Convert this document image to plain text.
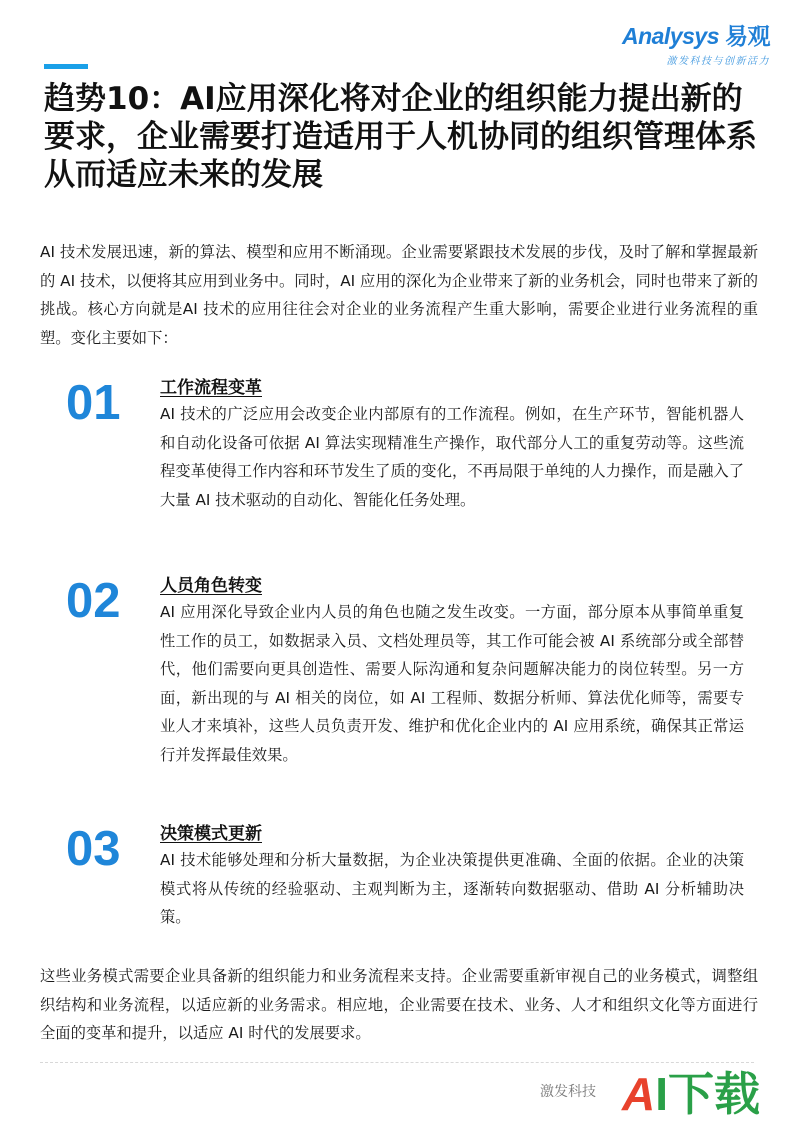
Analysys 易观
激发科技与创新活力
趋势10：AI应用深化将对企业的组织能力提出新的要求，企业需要打造适用于人机协同的组织管理体系从而适应未来的发展

AI 技术发展迅速，新的算法、模型和应用不断涌现。企业需要紧跟技术发展的步伐，及时了解和掌握最新的 AI 技术，以便将其应用到业务中。同时，AI 应用的深化为企业带来了新的业务机会，同时也带来了新的挑战。核心方向就是AI 技术的应用往往会对企业的业务流程产生重大影响，需要企业进行业务流程的重塑。变化主要如下：

01	工作流程变革

AI 技术的广泛应用会改变企业内部原有的工作流程。例如，在生产环节，智能机器人和自动化设备可依据 AI 算法实现精准生产操作，取代部分人工的重复劳动等。这些流程变革使得工作内容和环节发生了质的变化，不再局限于单纯的人力操作，而是融入了大量 AI 技术驱动的自动化、智能化任务处理。

02	人员角色转变

AI 应用深化导致企业内人员的角色也随之发生改变。一方面，部分原本从事简单重复性工作的员工，如数据录入员、文档处理员等，其工作可能会被 AI 系统部分或全部替代，他们需要向更具创造性、需要人际沟通和复杂问题解决能力的岗位转型。另一方面，新出现的与 AI 相关的岗位，如 AI 工程师、数据分析师、算法优化师等，需要专业人才来填补，这些人员负责开发、维护和优化企业内的 AI 应用系统，确保其正常运行并发挥最佳效果。

03	决策模式更新

AI 技术能够处理和分析大量数据，为企业决策提供更准确、全面的依据。企业的决策模式将从传统的经验驱动、主观判断为主，逐渐转向数据驱动、借助 AI 分析辅助决策。

这些业务模式需要企业具备新的组织能力和业务流程来支持。企业需要重新审视自己的业务模式，调整组织结构和业务流程，以适应新的业务需求。相应地，企业需要在技术、业务、人才和组织文化等方面进行全面的变革和提升，以适应 AI 时代的发展要求。

激发科技 AI下载
